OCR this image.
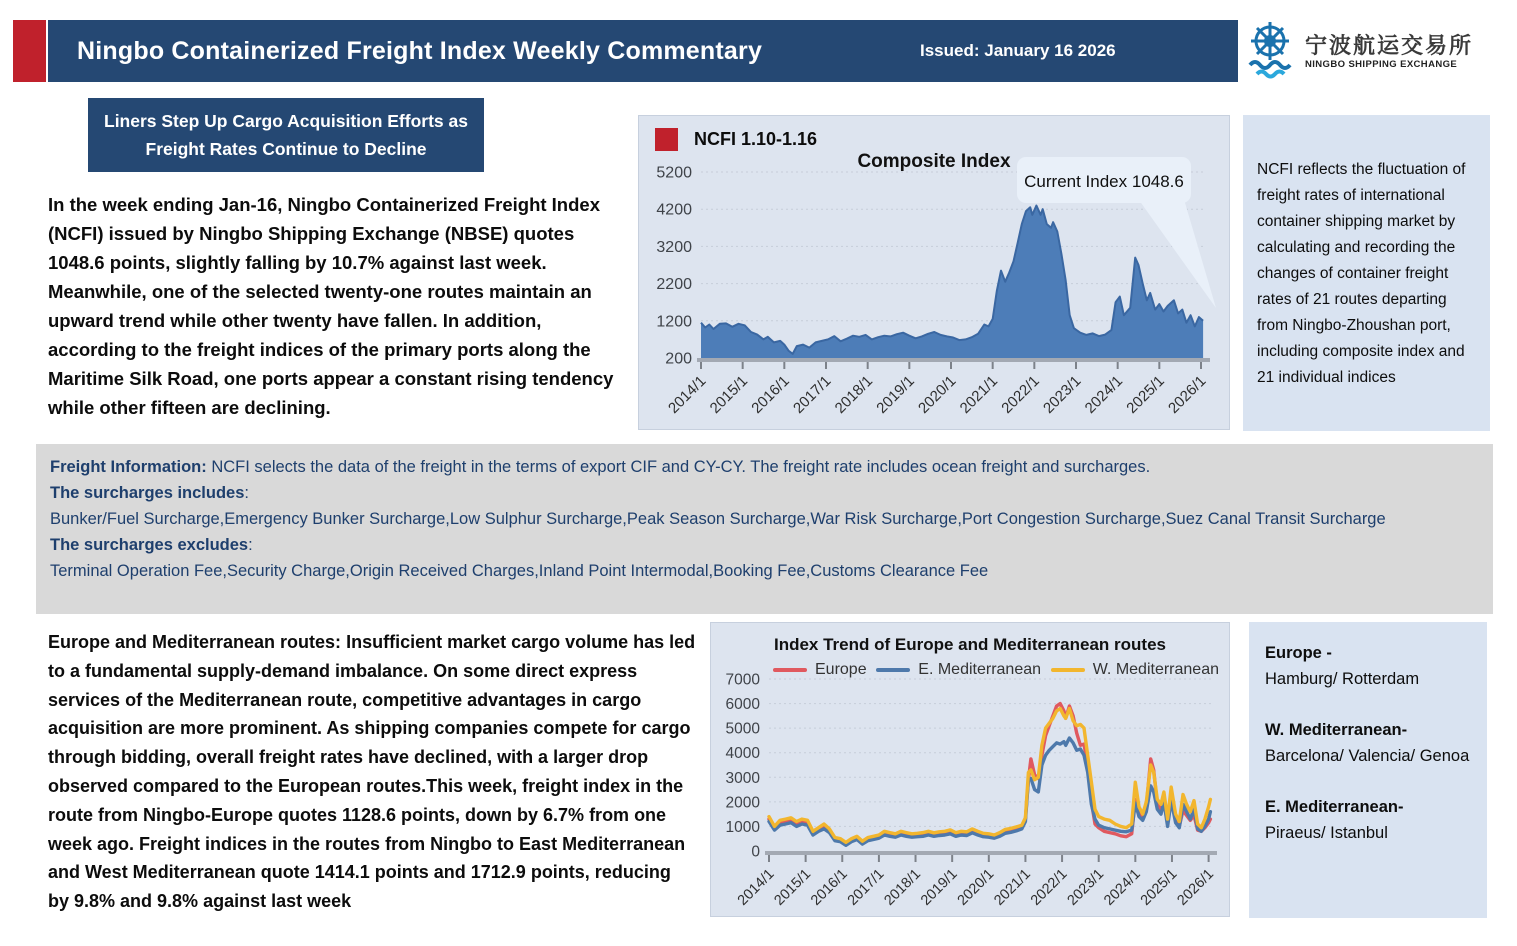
Ningbo Containerized Freight Index Weekly Commentary	Issued: January 16 2026	宁波航运交易所
NINGBO SHIPPING EXCHANGE
Liners Step Up Cargo Acquisition Efforts as
Freight Rates Continue to Decline
In the week ending Jan-16, Ningbo Containerized Freight Index (NCFI) issued by Ningbo Shipping Exchange (NBSE) quotes 1048.6 points, slightly falling by 10.7% against last week. Meanwhile, one of the selected twenty-one routes maintain an upward trend while other twenty have fallen. In addition, according to the freight indices of the primary ports along the Maritime Silk Road, one ports appear a constant rising tendency while other fifteen are declining.
NCFI 1.10-1.16
Composite Index
200
1200
2200
3200
4200
5200
2014/1
2015/1
2016/1
2017/1
2018/1
2019/1
2020/1
2021/1
2022/1
2023/1
2024/1
2025/1
2026/1
Current Index 1048.6
NCFI reflects the fluctuation of freight rates of international container shipping market by calculating and recording the changes of container freight rates of 21 routes departing from Ningbo-Zhoushan port, including composite index and 21 individual indices
Freight Information: NCFI selects the data of the freight in the terms of export CIF and CY-CY. The freight rate includes ocean freight and surcharges.
The surcharges includes:
Bunker/Fuel Surcharge,Emergency Bunker Surcharge,Low Sulphur Surcharge,Peak Season Surcharge,War Risk Surcharge,Port Congestion Surcharge,Suez Canal Transit Surcharge
The surcharges excludes:
Terminal Operation Fee,Security Charge,Origin Received Charges,Inland Point Intermodal,Booking Fee,Customs Clearance Fee
Europe and Mediterranean routes: Insufficient market cargo volume has led to a fundamental supply-demand imbalance. On some direct express services of the Mediterranean route, competitive advantages in cargo acquisition are more prominent. As shipping companies compete for cargo through bidding, overall freight rates have declined, with a larger drop observed compared to the European routes.This week, freight index in the route from Ningbo-Europe quotes 1128.6 points, down by 6.7% from one week ago. Freight indices in the routes from Ningbo to East Mediterranean and West Mediterranean quote 1414.1 points and 1712.9 points, reducing by 9.8% and 9.8% against last week
Index Trend of Europe and Mediterranean routes
Europe	E. Mediterranean	W. Mediterranean
0
1000
2000
3000
4000
5000
6000
7000
2014/1
2015/1
2016/1
2017/1
2018/1
2019/1
2020/1
2021/1
2022/1
2023/1
2024/1
2025/1
2026/1
Europe -
Hamburg/ Rotterdam
W. Mediterranean-
Barcelona/ Valencia/ Genoa
E. Mediterranean-
Piraeus/ Istanbul
